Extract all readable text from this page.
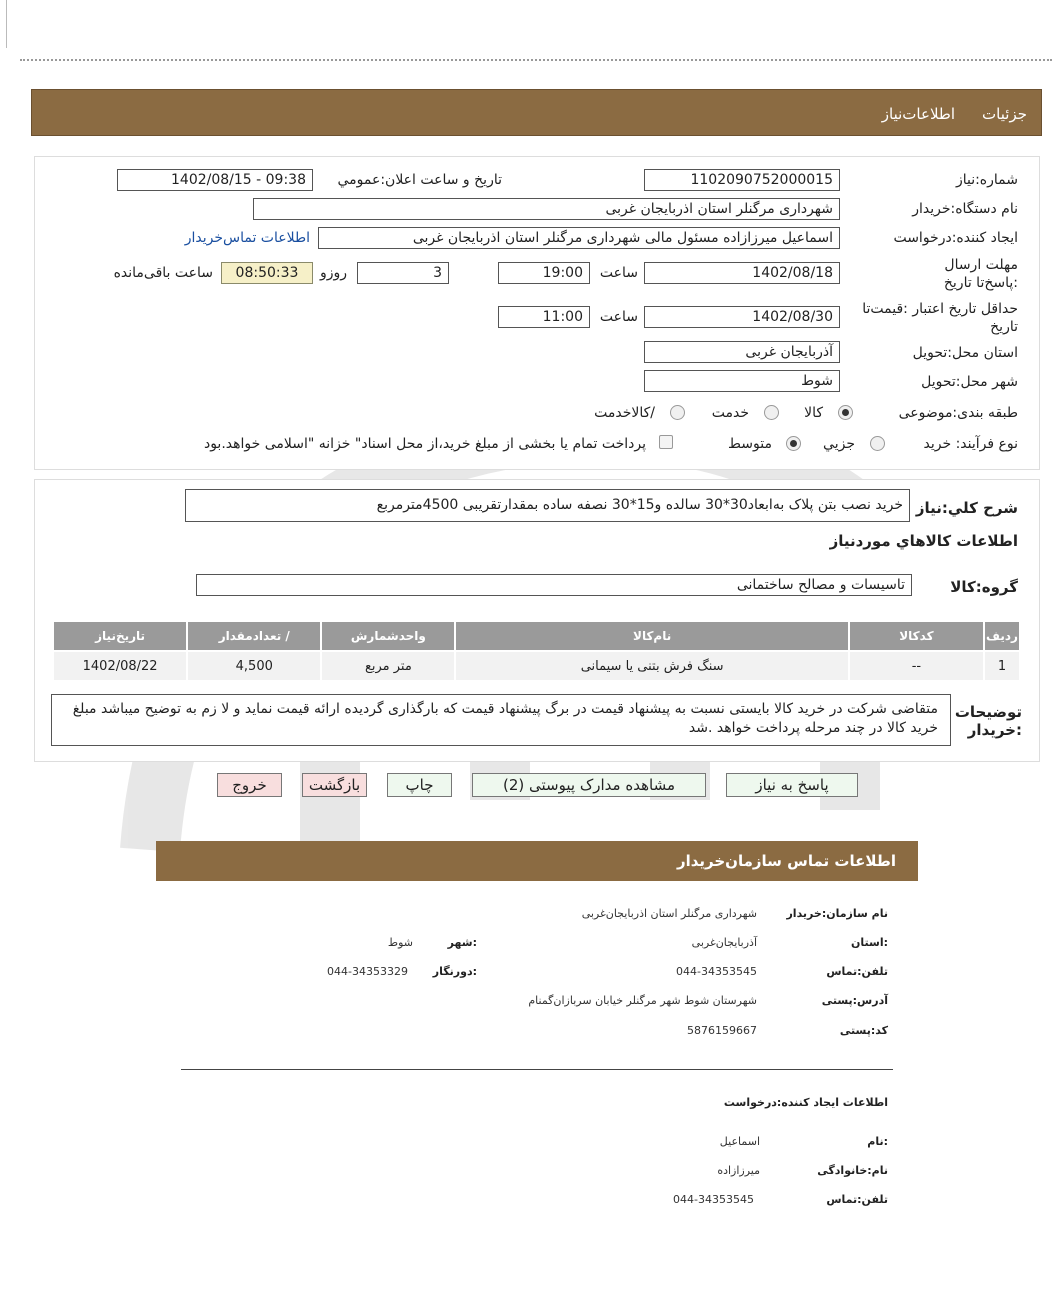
جزئیات
اطلاعات‌نیاز
شماره:نیاز
1102090752000015
تاریخ و ساعت اعلان:عمومي
1402/08/15 - 09:38
نام دستگاه:خریدار
شهرداری مرگنلر استان اذربایجان غربی
ایجاد کننده:درخواست
اسماعیل میرزازاده مسئول مالی شهرداری مرگنلر استان اذربایجان غربی
اطلاعات تماس‌خریدار
مهلت ارسال :پاسخ‌تا تاریخ
1402/08/18
ساعت
19:00
3
روزو
08:50:33
ساعت باقی‌مانده
حداقل تاریخ اعتبار :قیمت‌تا تاریخ
1402/08/30
ساعت
11:00
استان محل:تحویل
آذربایجان غربی
شهر محل:تحویل
شوط
طبقه بندی:موضوعی
کالا
خدمت
/کالاخدمت
نوع فرآیند: خرید
جزیي
متوسط
پرداخت تمام یا بخشی از مبلغ خرید،از محل اسناد" خزانه "اسلامی خواهد.بود
شرح کلي:نیاز
خرید نصب بتن پلاک به‌ابعاد30*30 سالده و15*30 نصفه ساده بمقدارتقریبی 4500مترمربع
اطلاعات کالاهاي موردنیاز
گروه:کالا
تاسیسات و مصالح ساختمانی
ردیف	کدکالا	نام‌کالا	واحدشمارش	/ تعدادمقدار	تاریخ‌نیاز
1	--	سنگ فرش بتنی یا سیمانی	متر مربع	4,500	1402/08/22
توضیحات :خریدار
متقاضی شرکت در خرید کالا بایستی نسبت به پیشنهاد قیمت در برگ پیشنهاد قیمت که بارگذاری گردیده ارائه قیمت نماید و لا زم به توضیح میباشد مبلغ خرید کالا در چند مرحله پرداخت خواهد .شد
پاسخ به نیاز
مشاهده مدارک پیوستی (2)
چاپ
بازگشت
خروج
اطلاعات تماس سازمان‌خریدار
نام سازمان:خریدار
شهرداری مرگنلر استان اذربایجان‌غربی
:استان
آذربایجان‌غربی
:شهر
شوط
تلفن:تماس
044-34353545
:دورنگار
044-34353329
آدرس:پستی
شهرستان شوط شهر مرگنلر خیابان سربازان‌گمنام
کد:پستی
5876159667
اطلاعات ایجاد کننده:درخواست
:نام
اسماعیل
نام:خانوادگی
میرزازاده
تلفن:تماس
044-34353545
